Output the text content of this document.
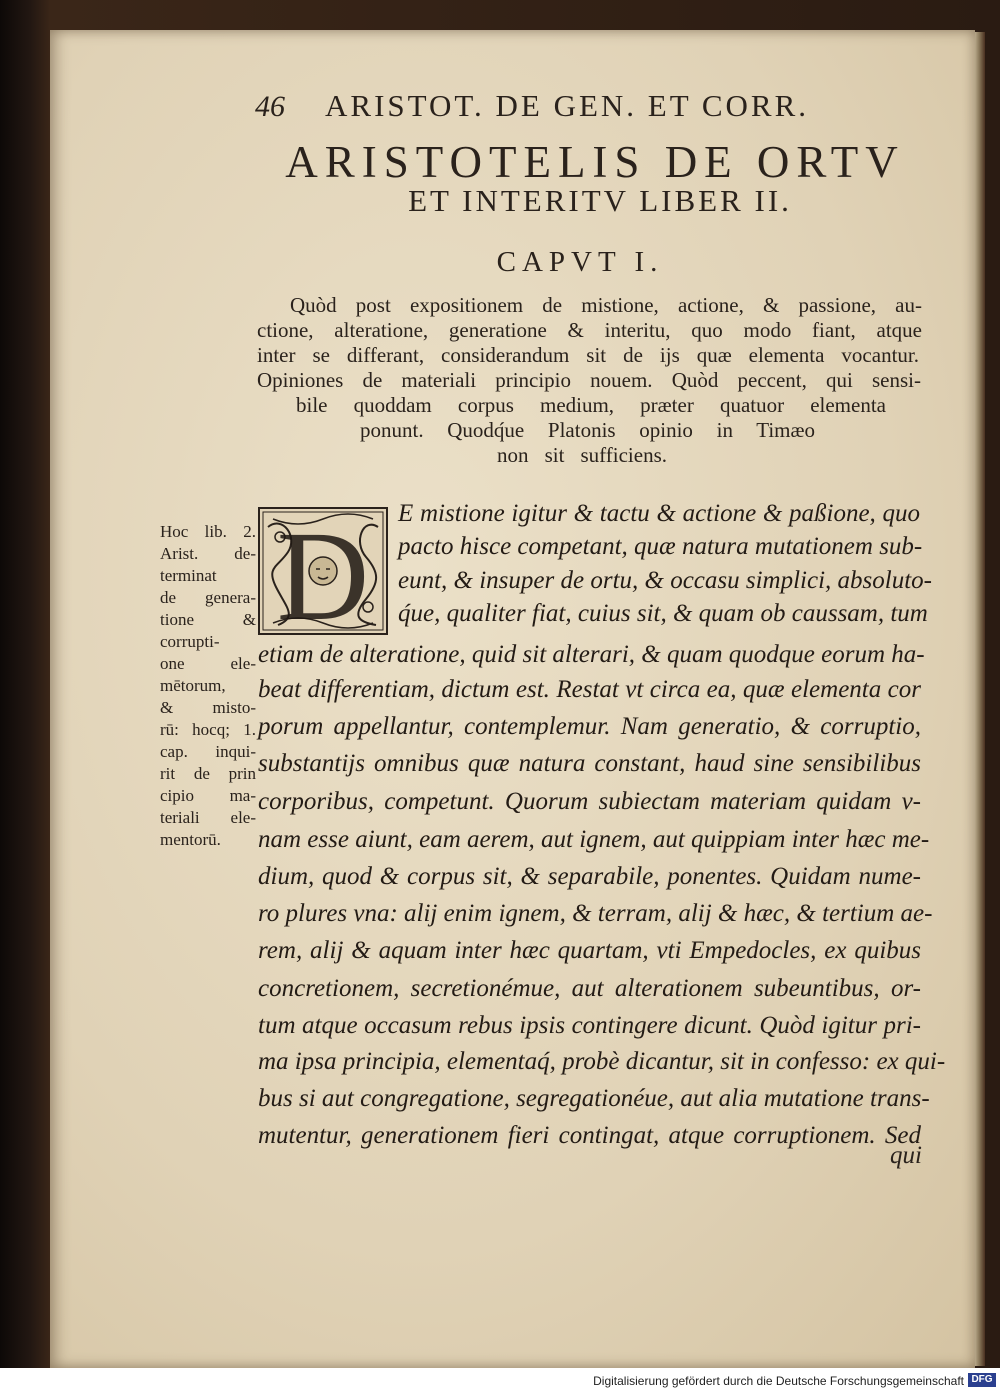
46	ARISTOT. DE GEN. ET CORR.
ARISTOTELIS DE ORTV
ET INTERITV LIBER II.
CAPVT I.
Quòd post expositionem de mistione, actione, & passione, au-
ctione, alteratione, generatione & interitu, quo modo fiant, atque
inter se differant, considerandum sit de ijs quæ elementa vocantur.
Opiniones de materiali principio nouem. Quòd peccent, qui sensi-
bile quoddam corpus medium, præter quatuor elementa
ponunt. Quodq́ue Platonis opinio in Timæo
non sit sufficiens.
D E mistione igitur & tactu & actione & paßione, quo
pacto hisce competant, quæ natura mutationem sub-
eunt, & insuper de ortu, & occasu simplici, absoluto-
q́ue, qualiter fiat, cuius sit, & quam ob caussam, tum
etiam de alteratione, quid sit alterari, & quam quodque eorum ha-
beat differentiam, dictum est. Restat vt circa ea, quæ elementa cor
porum appellantur, contemplemur. Nam generatio, & corruptio,
substantijs omnibus quæ natura constant, haud sine sensibilibus
corporibus, competunt. Quorum subiectam materiam quidam v-
nam esse aiunt, eam aerem, aut ignem, aut quippiam inter hæc me-
dium, quod & corpus sit, & separabile, ponentes. Quidam nume-
ro plures vna: alij enim ignem, & terram, alij & hæc, & tertium ae-
rem, alij & aquam inter hæc quartam, vti Empedocles, ex quibus
concretionem, secretionémue, aut alterationem subeuntibus, or-
tum atque occasum rebus ipsis contingere dicunt. Quòd igitur pri-
ma ipsa principia, elementaq́, probè dicantur, sit in confesso: ex qui-
bus si aut congregatione, segregationéue, aut alia mutatione trans-
mutentur, generationem fieri contingat, atque corruptionem. Sed
qui
Hoc lib. 2.
Arist. de-
terminat
de genera-
tione &
corrupti-
one ele-
mētorum,
& misto-
rū: hocq; 1.
cap. inqui-
rit de prin
cipio ma-
teriali ele-
mentorū.
Digitalisierung gefördert durch die Deutsche Forschungsgemeinschaft DFG
